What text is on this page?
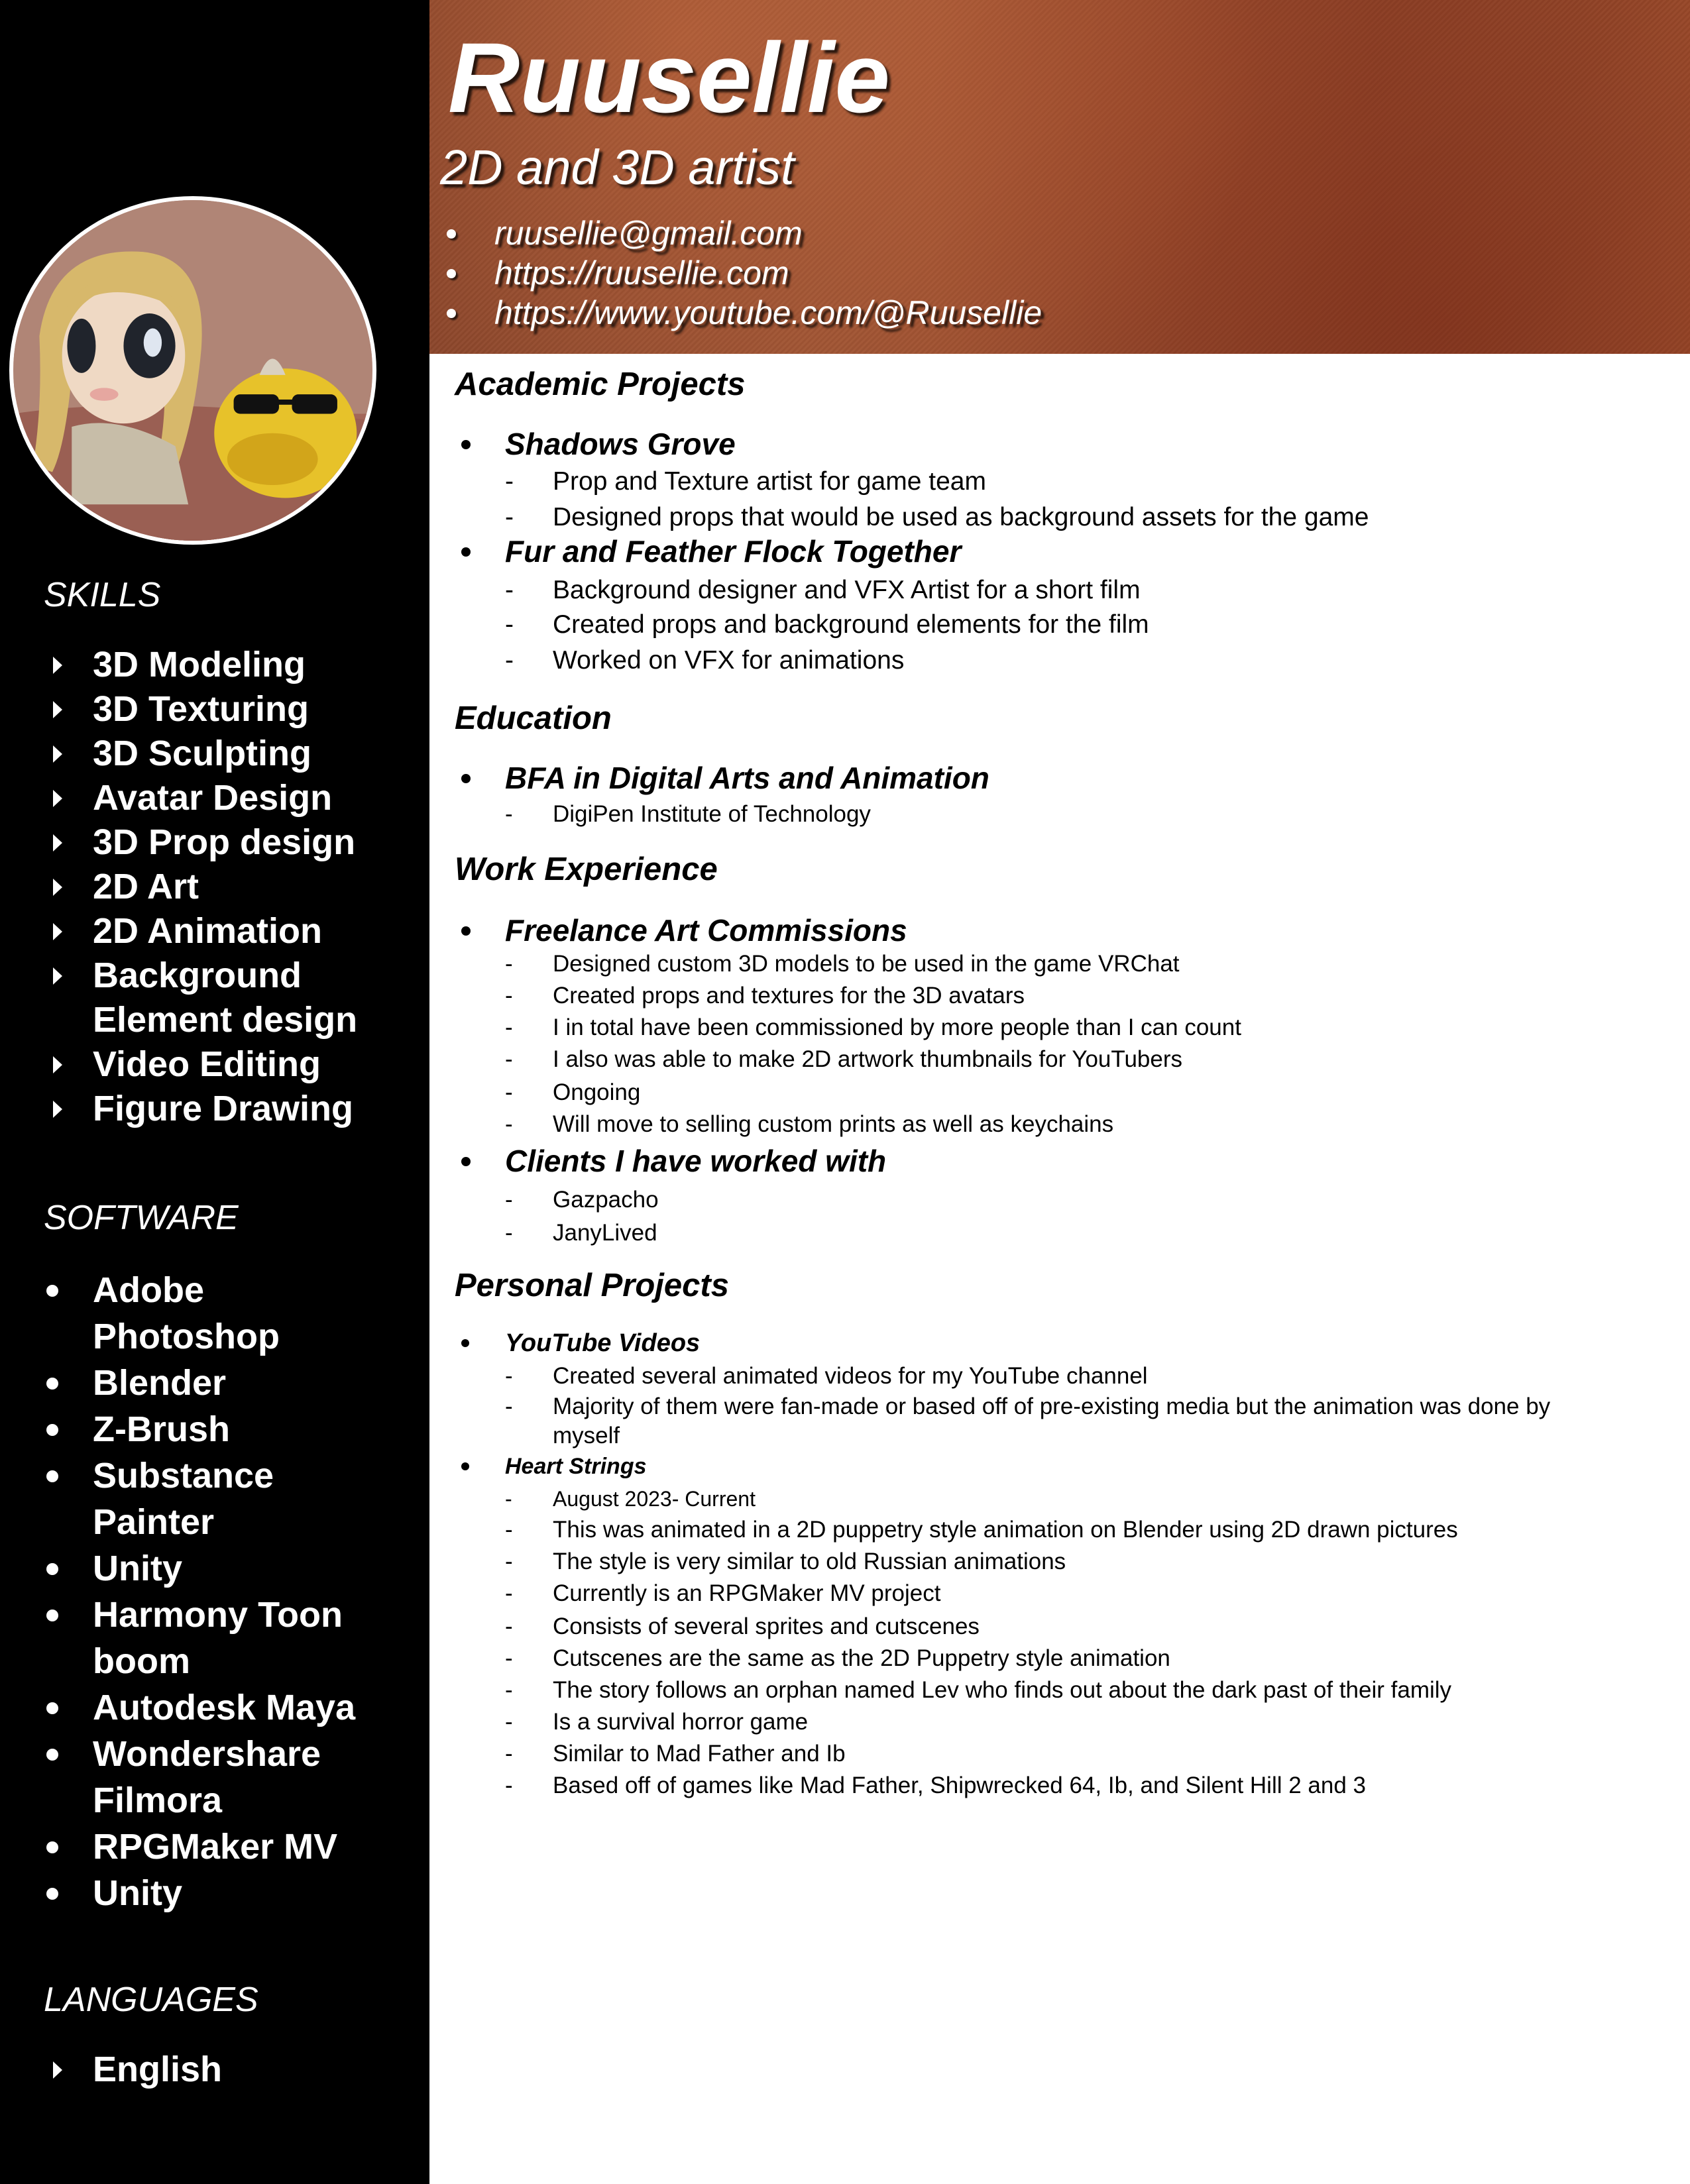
SKILLS
3D Modeling
3D Texturing
3D Sculpting
Avatar Design
3D Prop design
2D Art
2D Animation
Background
Element design
Video Editing
Figure Drawing
SOFTWARE
Adobe
Photoshop
Blender
Z-Brush
Substance
Painter
Unity
Harmony Toon
boom
Autodesk Maya
Wondershare
Filmora
RPGMaker MV
Unity
LANGUAGES
English
Ruusellie
2D and 3D artist
ruusellie@gmail.com
https://ruusellie.com
https://www.youtube.com/@Ruusellie
Academic Projects
Shadows Grove
- Prop and Texture artist for game team
- Designed props that would be used as background assets for the game
Fur and Feather Flock Together
- Background designer and VFX Artist for a short film
- Created props and background elements for the film
- Worked on VFX for animations
Education
BFA in Digital Arts and Animation
- DigiPen Institute of Technology
Work Experience
Freelance Art Commissions
- Designed custom 3D models to be used in the game VRChat
- Created props and textures for the 3D avatars
- I in total have been commissioned by more people than I can count
- I also was able to make 2D artwork thumbnails for YouTubers
- Ongoing
- Will move to selling custom prints as well as keychains
Clients I have worked with
- Gazpacho
- JanyLived
Personal Projects
YouTube Videos
- Created several animated videos for my YouTube channel
- Majority of them were fan-made or based off of pre-existing media but the animation was done by
myself
Heart Strings
- August 2023- Current
- This was animated in a 2D puppetry style animation on Blender using 2D drawn pictures
- The style is very similar to old Russian animations
- Currently is an RPGMaker MV project
- Consists of several sprites and cutscenes
- Cutscenes are the same as the 2D Puppetry style animation
- The story follows an orphan named Lev who finds out about the dark past of their family
- Is a survival horror game
- Similar to Mad Father and Ib
- Based off of games like Mad Father, Shipwrecked 64, Ib, and Silent Hill 2 and 3
